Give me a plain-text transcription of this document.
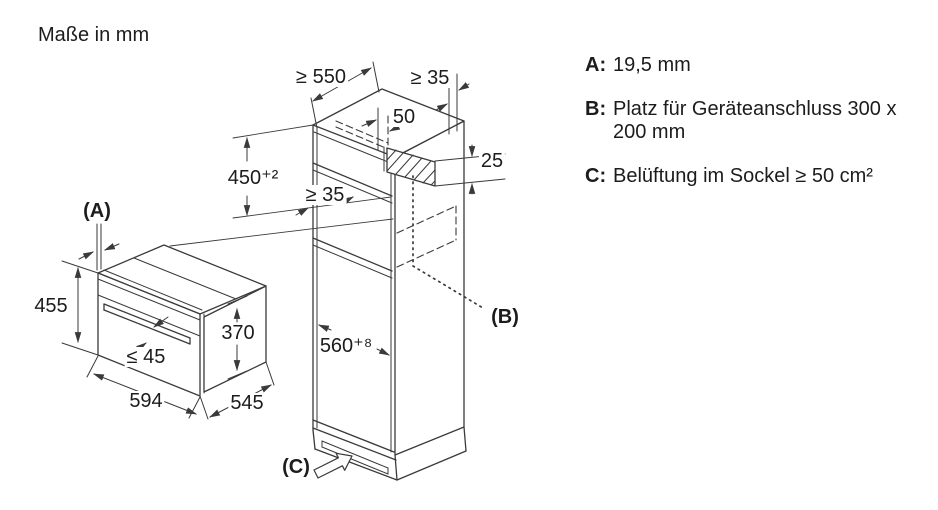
Maße in mm
(A)
455
≤ 45
594	545
370
≥ 550	≥ 35
50
25
450⁺²
≥ 35
560⁺⁸
(B)
(C)
A: 19,5 mm
B: Platz für Geräteanschluss 300 x 200 mm
C: Belüftung im Sockel ≥ 50 cm²
